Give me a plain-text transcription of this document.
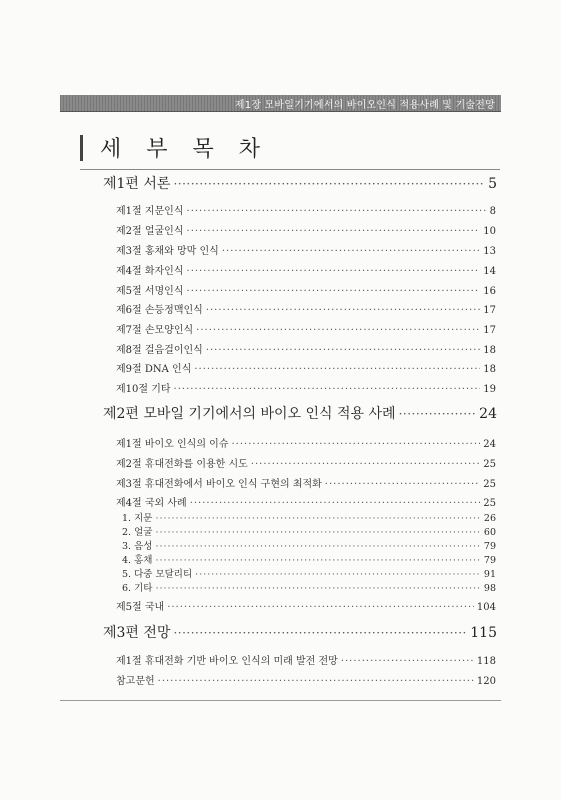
제1장 모바일기기에서의 바이오인식 적용사례 및 기술전망
세 부 목 차
제1편 서론 ·····	5
제1절 지문인식 ·····	8
제2절 얼굴인식 ·····	10
제3절 홍채와 망막 인식 ·····	13
제4절 화자인식 ·····	14
제5절 서명인식 ·····	16
제6절 손등정맥인식 ·····	17
제7절 손모양인식 ·····	17
제8절 걸음걸이인식 ·····	18
제9절 DNA 인식 ·····	18
제10절 기타 ·····	19
제2편 모바일 기기에서의 바이오 인식 적용 사례 ·····	24
제1절 바이오 인식의 이슈 ·····	24
제2절 휴대전화를 이용한 시도 ·····	25
제3절 휴대전화에서 바이오 인식 구현의 최적화 ·····	25
제4절 국외 사례 ·····	25
1. 지문 ·····	26
2. 얼굴 ·····	60
3. 음성 ·····	79
4. 홍채 ·····	79
5. 다중 모달리티 ·····	91
6. 기타 ·····	98
제5절 국내 ·····	104
제3편 전망 ·····	115
제1절 휴대전화 기반 바이오 인식의 미래 발전 전망 ·····	118
참고문헌 ·····	120
